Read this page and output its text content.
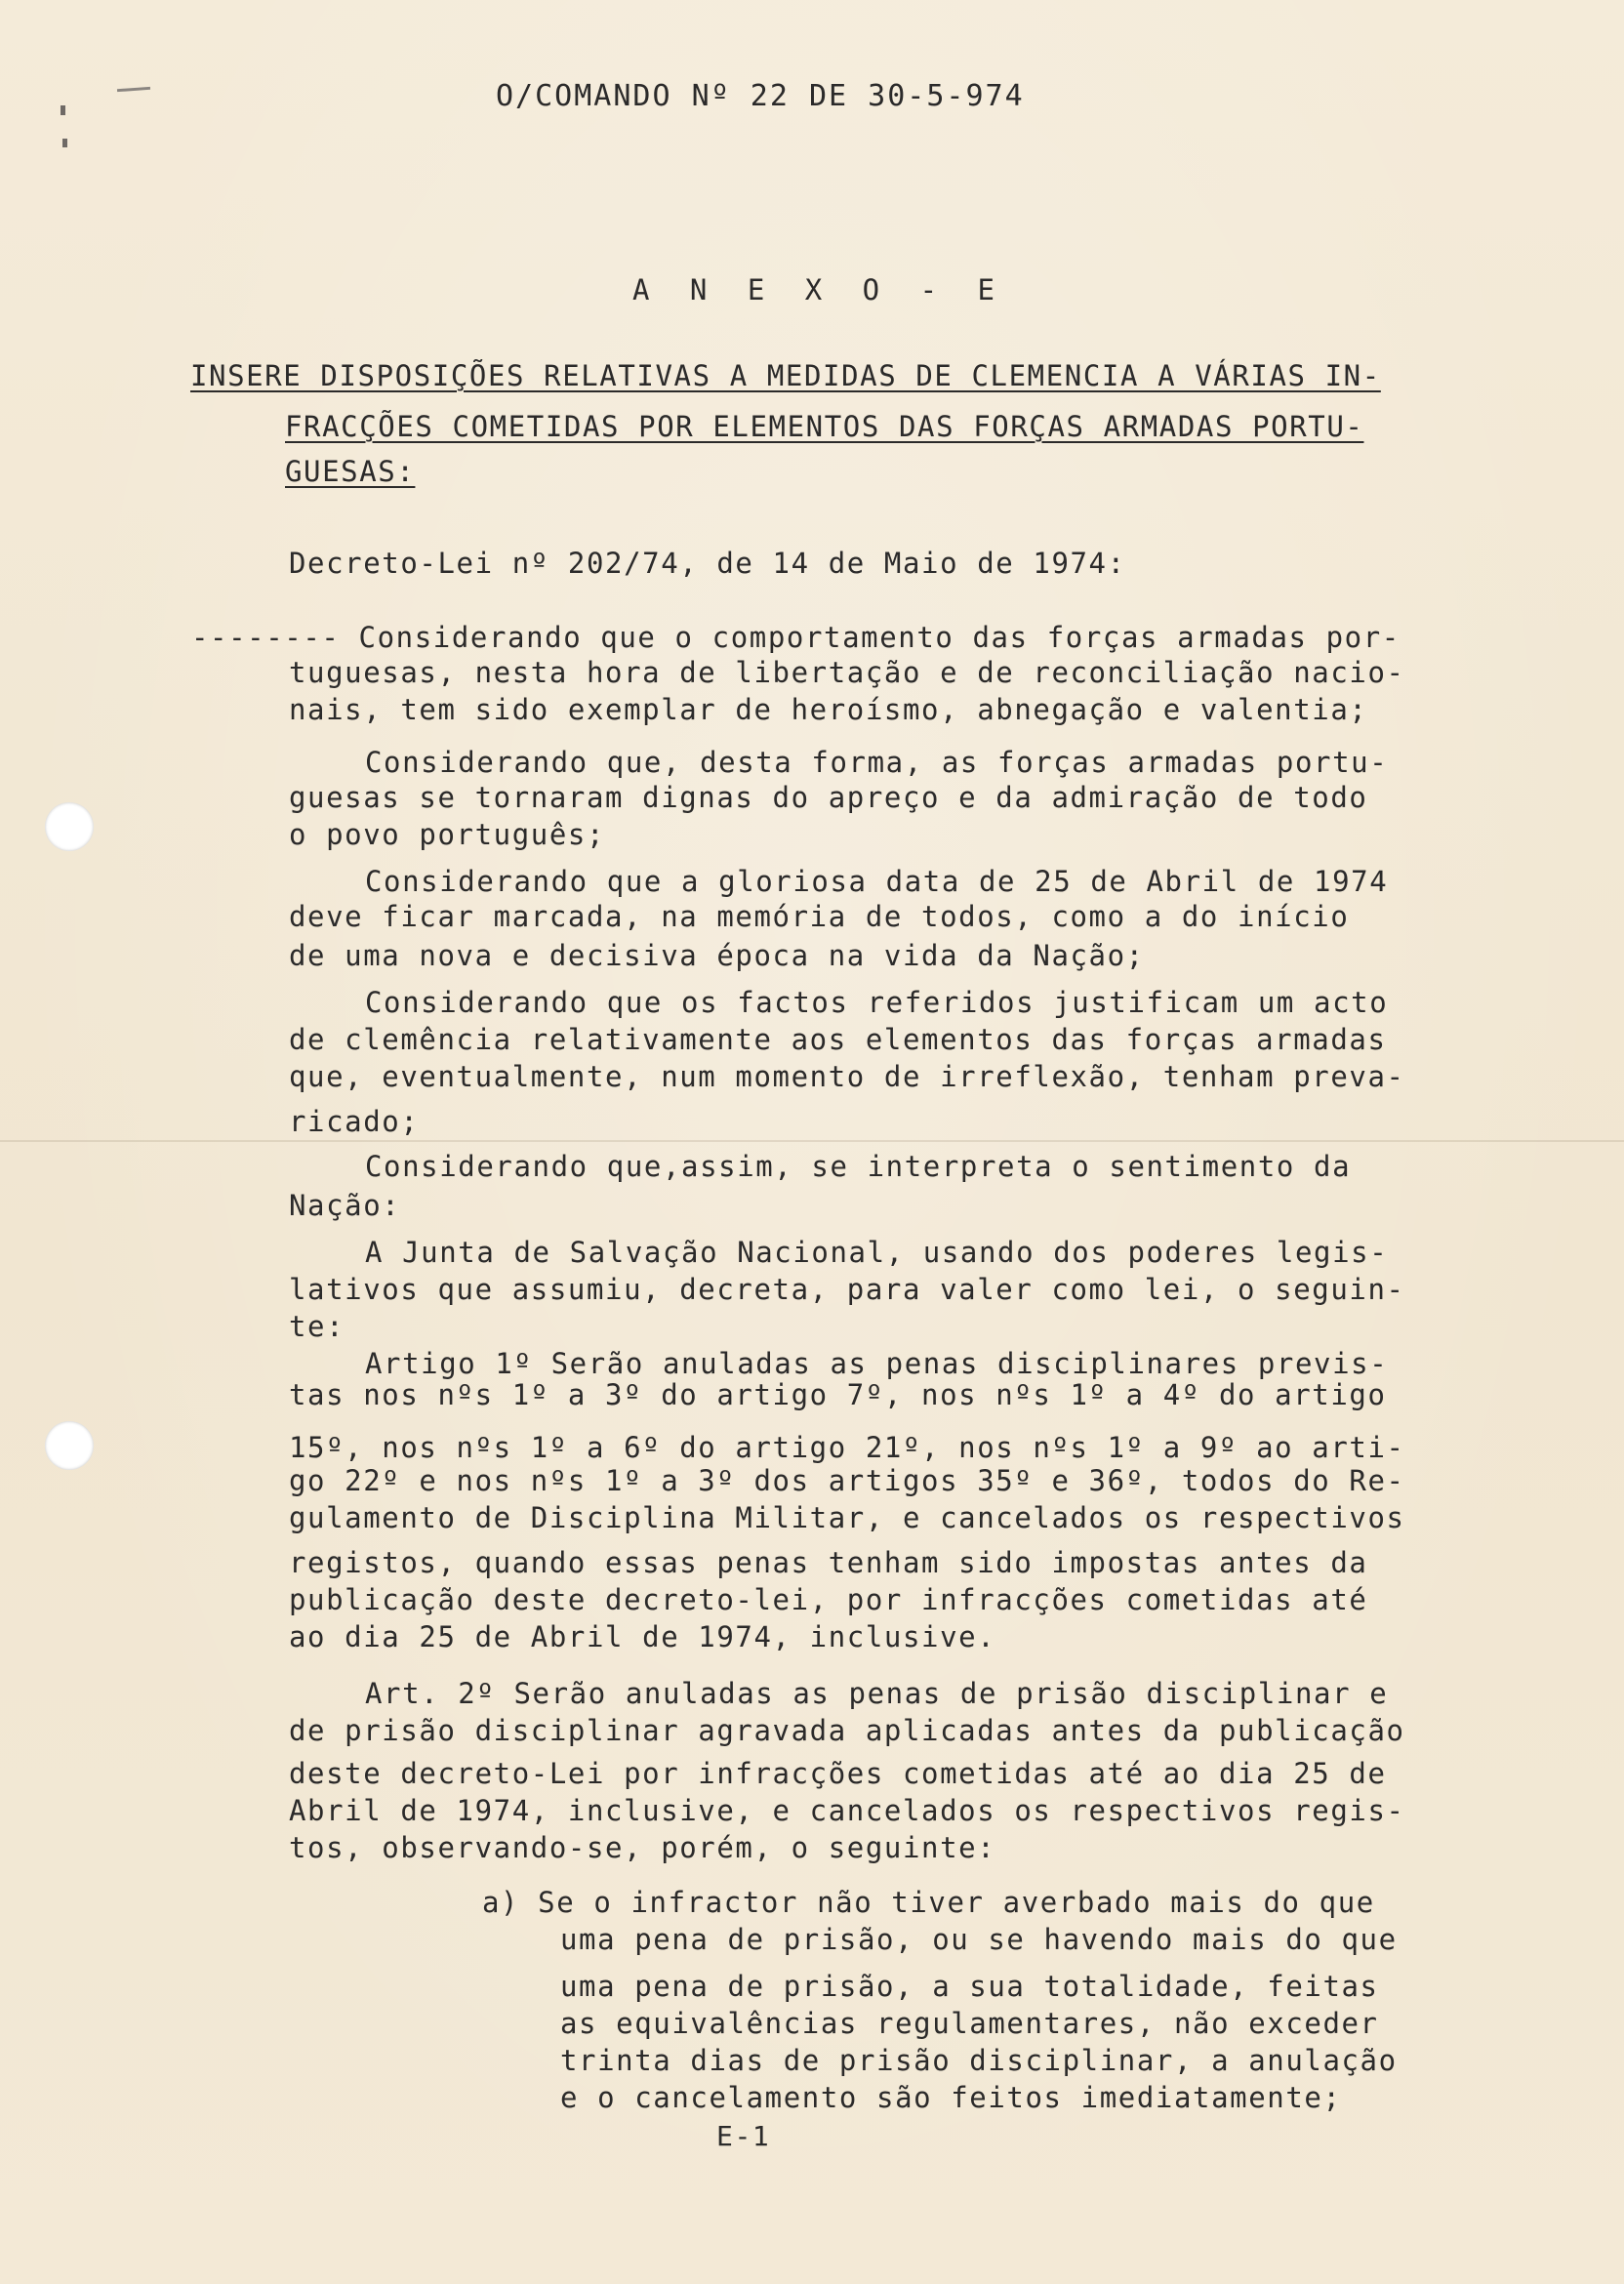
O/COMANDO Nº 22 DE 30-5-974
A N E X O - E
INSERE DISPOSIÇÕES RELATIVAS A MEDIDAS DE CLEMENCIA A VÁRIAS IN-
FRACÇÕES COMETIDAS POR ELEMENTOS DAS FORÇAS ARMADAS PORTU-
GUESAS:
Decreto-Lei nº 202/74, de 14 de Maio de 1974:
-------- Considerando que o comportamento das forças armadas por-
tuguesas, nesta hora de libertação e de reconciliação nacio-
nais, tem sido exemplar de heroísmo, abnegação e valentia;
Considerando que, desta forma, as forças armadas portu-
guesas se tornaram dignas do apreço e da admiração de todo
o povo português;
Considerando que a gloriosa data de 25 de Abril de 1974
deve ficar marcada, na memória de todos, como a do início
de uma nova e decisiva época na vida da Nação;
Considerando que os factos referidos justificam um acto
de clemência relativamente aos elementos das forças armadas
que, eventualmente, num momento de irreflexão, tenham preva-
ricado;
Considerando que,assim, se interpreta o sentimento da
Nação:
A Junta de Salvação Nacional, usando dos poderes legis-
lativos que assumiu, decreta, para valer como lei, o seguin-
te:
Artigo 1º Serão anuladas as penas disciplinares previs-
tas nos nºs 1º a 3º do artigo 7º, nos nºs 1º a 4º do artigo
15º, nos nºs 1º a 6º do artigo 21º, nos nºs 1º a 9º ao arti-
go 22º e nos nºs 1º a 3º dos artigos 35º e 36º, todos do Re-
gulamento de Disciplina Militar, e cancelados os respectivos
registos, quando essas penas tenham sido impostas antes da
publicação deste decreto-lei, por infracções cometidas até
ao dia 25 de Abril de 1974, inclusive.
Art. 2º Serão anuladas as penas de prisão disciplinar e
de prisão disciplinar agravada aplicadas antes da publicação
deste decreto-Lei por infracções cometidas até ao dia 25 de
Abril de 1974, inclusive, e cancelados os respectivos regis-
tos, observando-se, porém, o seguinte:
a) Se o infractor não tiver averbado mais do que
uma pena de prisão, ou se havendo mais do que
uma pena de prisão, a sua totalidade, feitas
as equivalências regulamentares, não exceder
trinta dias de prisão disciplinar, a anulação
e o cancelamento são feitos imediatamente;
E-1
